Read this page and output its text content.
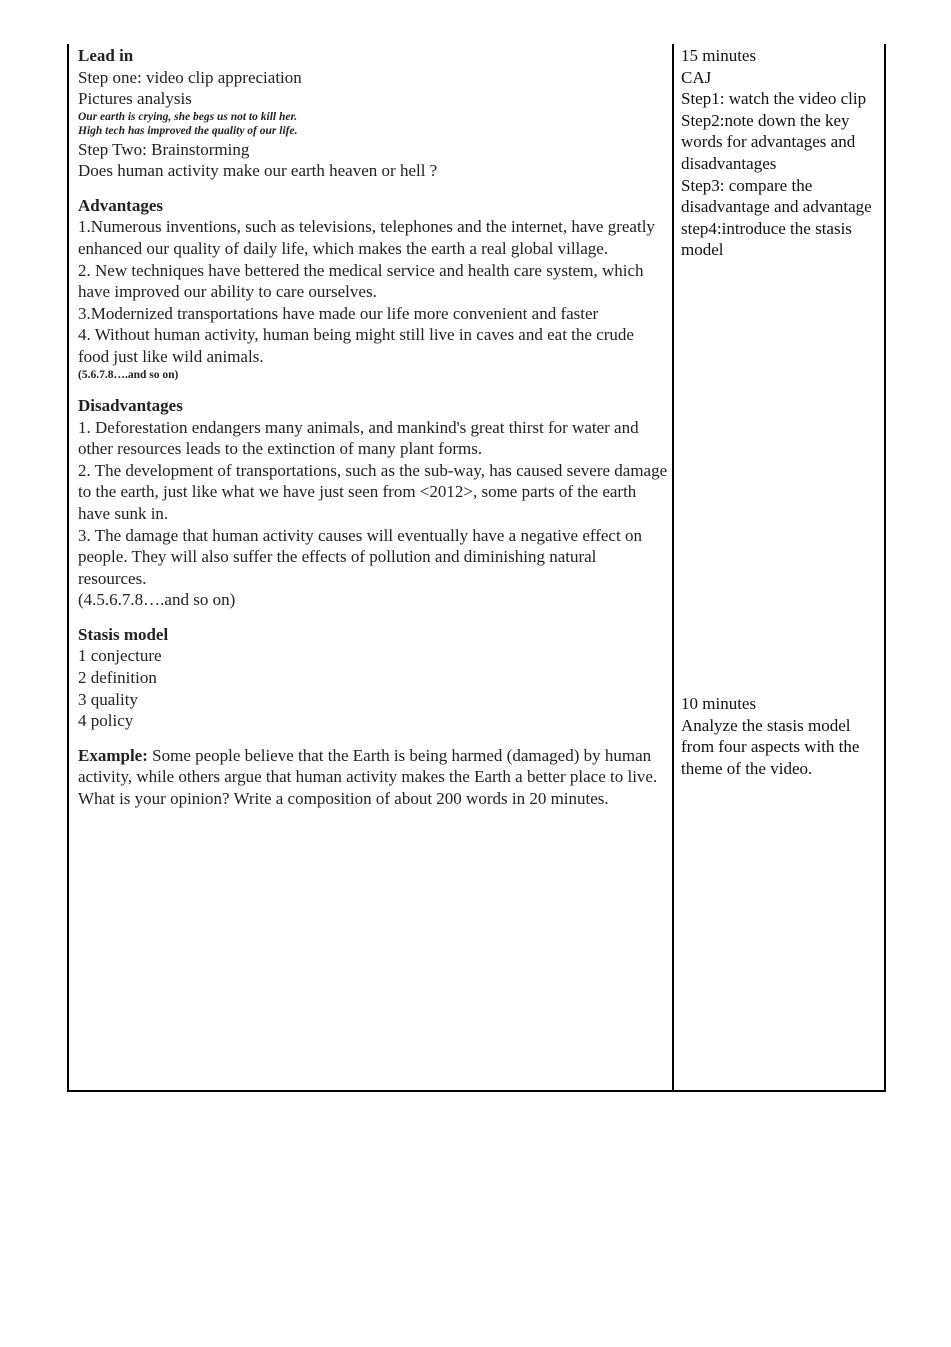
Lead in

Step one: video clip appreciation

Pictures analysis

Our earth is crying, she begs us not to kill her.

High tech has improved the quality of our life.

Step Two: Brainstorming

Does human activity make our earth heaven or hell ?

Advantages

1.Numerous inventions, such as televisions, telephones and the internet, have greatly enhanced our quality of daily life, which makes the earth a real global village.

2. New techniques have bettered the medical service and health care system, which have improved our ability to care ourselves.

3.Modernized transportations have made our life more convenient and faster

4. Without human activity, human being might still live in caves and eat the crude food just like wild animals.

(5.6.7.8….and so on)

Disadvantages

1. Deforestation endangers many animals, and mankind's great thirst for water and other resources leads to the extinction of many plant forms.

2. The development of transportations, such as the sub-way, has caused severe damage to the earth, just like what we have just seen from <2012>, some parts of the earth have sunk in.

3. The damage that human activity causes will eventually have a negative effect on people. They will also suffer the effects of pollution and diminishing natural resources.

(4.5.6.7.8….and so on)

Stasis model

1 conjecture

2 definition

3 quality

4 policy

Example: Some people believe that the Earth is being harmed (damaged) by human activity, while others argue that human activity makes the Earth a better place to live. What is your opinion? Write a composition of about 200 words in 20 minutes.

15 minutes

CAJ

Step1: watch the video clip

Step2:note down the key words for advantages and disadvantages

Step3: compare the disadvantage and advantage

step4:introduce the stasis model

10 minutes

Analyze the stasis model from four aspects with the theme of the video.
